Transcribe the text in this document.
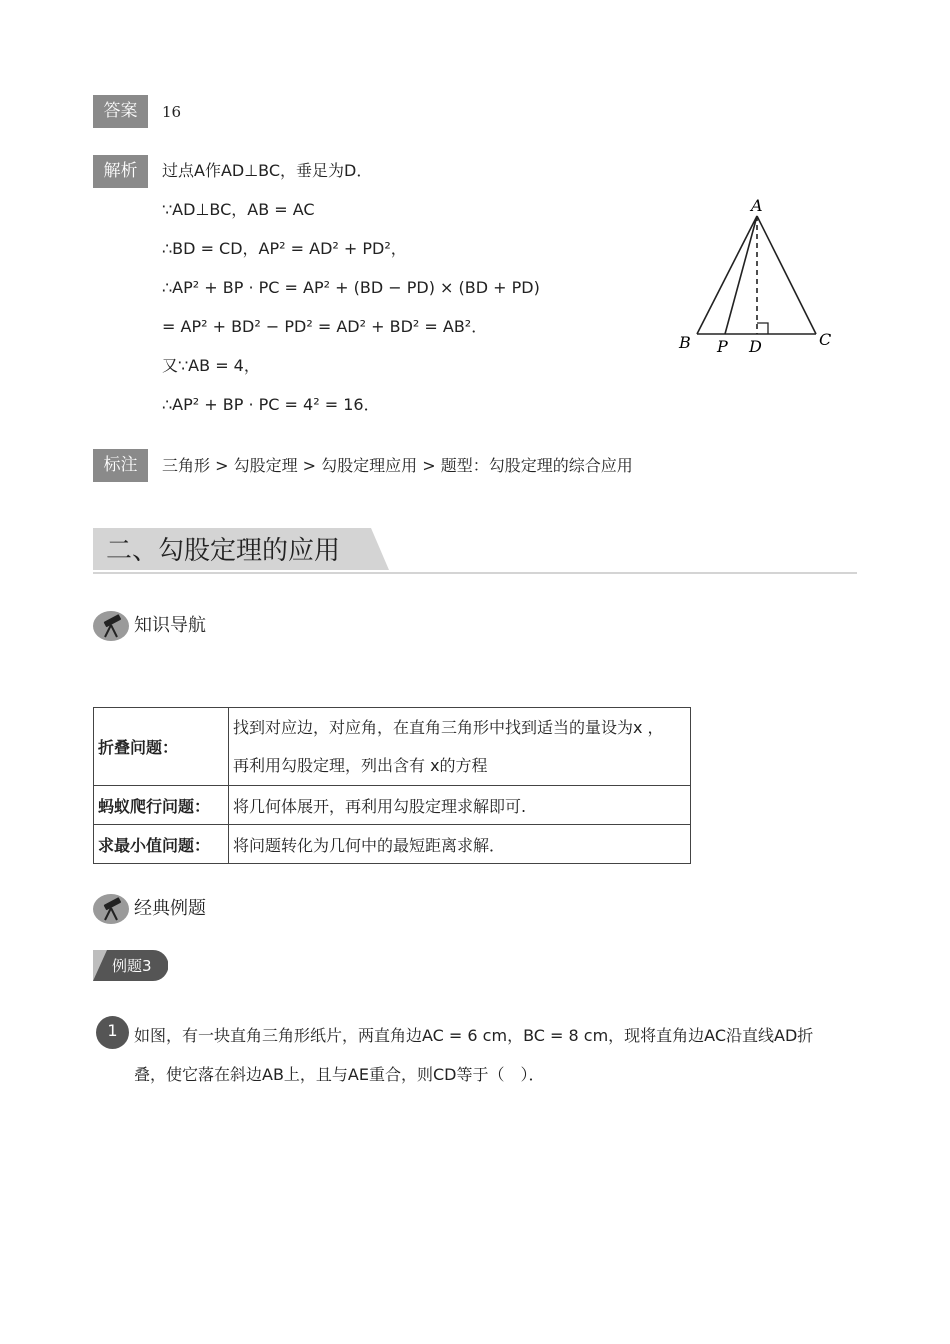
答案	16
解析	过点A作AD⊥BC，垂足为D．
∵AD⊥BC，AB = AC
∴BD = CD，AP² = AD² + PD²，
∴AP² + BP · PC = AP² + (BD − PD) × (BD + PD)
= AP² + BD² − PD² = AD² + BD² = AB²．
又∵AB = 4，
∴AP² + BP · PC = 4² = 16．
A
B P D	C
标注	三角形 > 勾股定理 > 勾股定理应用 > 题型：勾股定理的综合应用
二、勾股定理的应用
知识导航
折叠问题：	找到对应边，对应角，在直角三角形中找到适当的量设为x ，
再利用勾股定理，列出含有 x的方程

蚂蚁爬行问题：	将几何体展开，再利用勾股定理求解即可.
求最小值问题：	将问题转化为几何中的最短距离求解．
经典例题
例题3
1	如图，有一块直角三角形纸片，两直角边AC = 6 cm，BC = 8 cm，现将直角边AC沿直线AD折
叠，使它落在斜边AB上，且与AE重合，则CD等于（　）．
